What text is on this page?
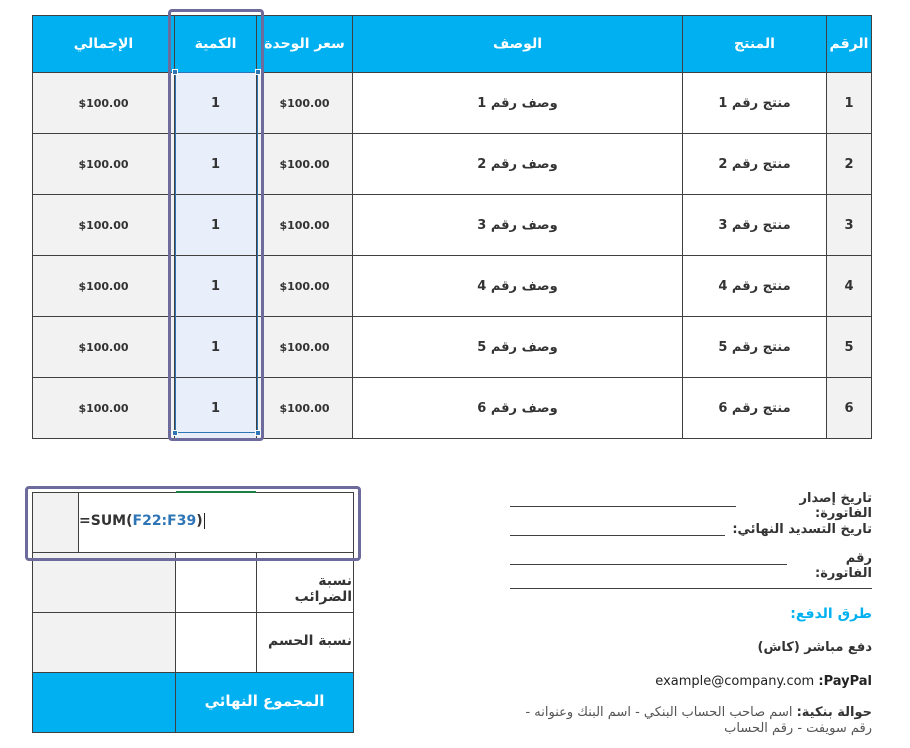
الإجمالي	الكمية	سعر الوحدة	الوصف	المنتج	الرقم
$100.00	1	$100.00	وصف رقم 1	منتج رقم 1	1
$100.00	1	$100.00	وصف رقم 2	منتج رقم 2	2
$100.00	1	$100.00	وصف رقم 3	منتج رقم 3	3
$100.00	1	$100.00	وصف رقم 4	منتج رقم 4	4
$100.00	1	$100.00	وصف رقم 5	منتج رقم 5	5
$100.00	1	$100.00	وصف رقم 6	منتج رقم 6	6
=SUM(F22:F39)
نسبة الضرائب
نسبة الحسم
المجموع النهائي
تاريخ إصدار الفاتورة:
تاريخ التسديد النهائي:
رقم الفاتورة:
طرق الدفع:
دفع مباشر (كاش)
example@company.com PayPal:
حوالة بنكية: اسم صاحب الحساب البنكي - اسم البنك وعنوانه -
رقم سويفت - رقم الحساب
